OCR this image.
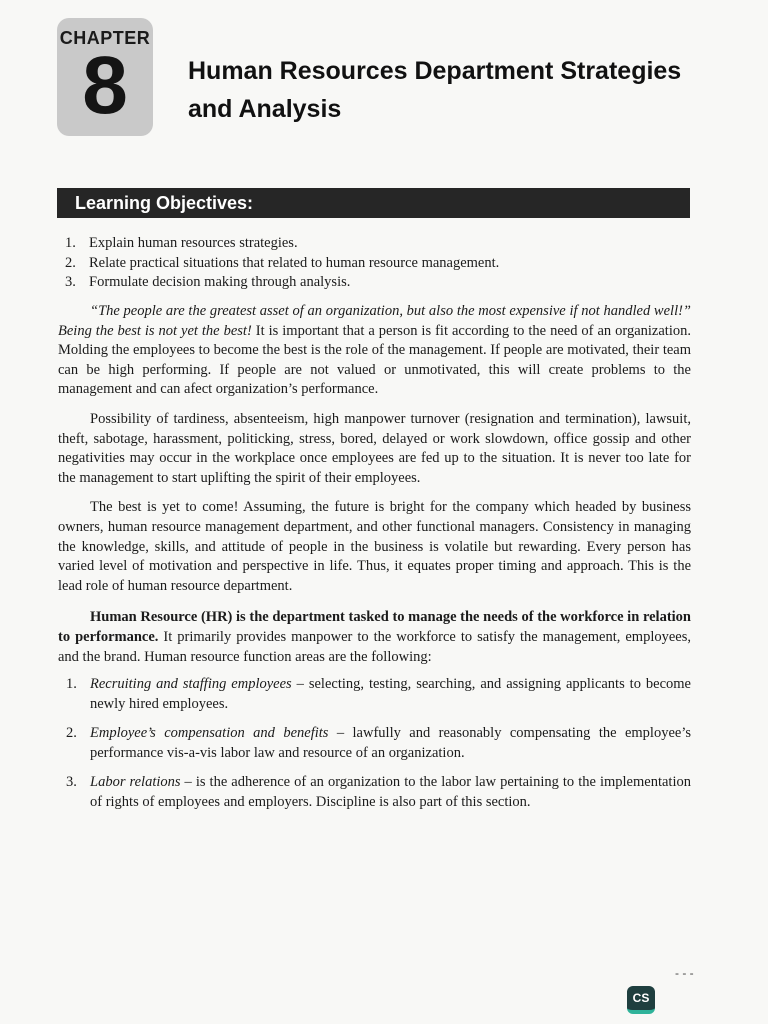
CHAPTER
8	Human Resources Department Strategies and Analysis
Learning Objectives:
1. Explain human resources strategies.
2. Relate practical situations that related to human resource management.
3. Formulate decision making through analysis.

“The people are the greatest asset of an organization, but also the most expensive if not handled well!” Being the best is not yet the best! It is important that a person is fit according to the need of an organization. Molding the employees to become the best is the role of the management. If people are motivated, their team can be high performing. If people are not valued or unmotivated, this will create problems to the management and can afect organization’s performance.

Possibility of tardiness, absenteeism, high manpower turnover (resignation and termination), lawsuit, theft, sabotage, harassment, politicking, stress, bored, delayed or work slowdown, office gossip and other negativities may occur in the workplace once employees are fed up to the situation. It is never too late for the management to start uplifting the spirit of their employees.

The best is yet to come! Assuming, the future is bright for the company which headed by business owners, human resource management department, and other functional managers. Consistency in managing the knowledge, skills, and attitude of people in the business is volatile but rewarding. Every person has varied level of motivation and perspective in life. Thus, it equates proper timing and approach. This is the lead role of human resource department.

Human Resource (HR) is the department tasked to manage the needs of the workforce in relation to performance. It primarily provides manpower to the workforce to satisfy the management, employees, and the brand. Human resource function areas are the following:

1. Recruiting and staffing employees – selecting, testing, searching, and assigning applicants to become newly hired employees.
2. Employee’s compensation and benefits – lawfully and reasonably compensating the employee’s performance vis-a-vis labor law and resource of an organization.
3. Labor relations – is the adherence of an organization to the labor law pertaining to the implementation of rights of employees and employers. Discipline is also part of this section.
- - -
CS
